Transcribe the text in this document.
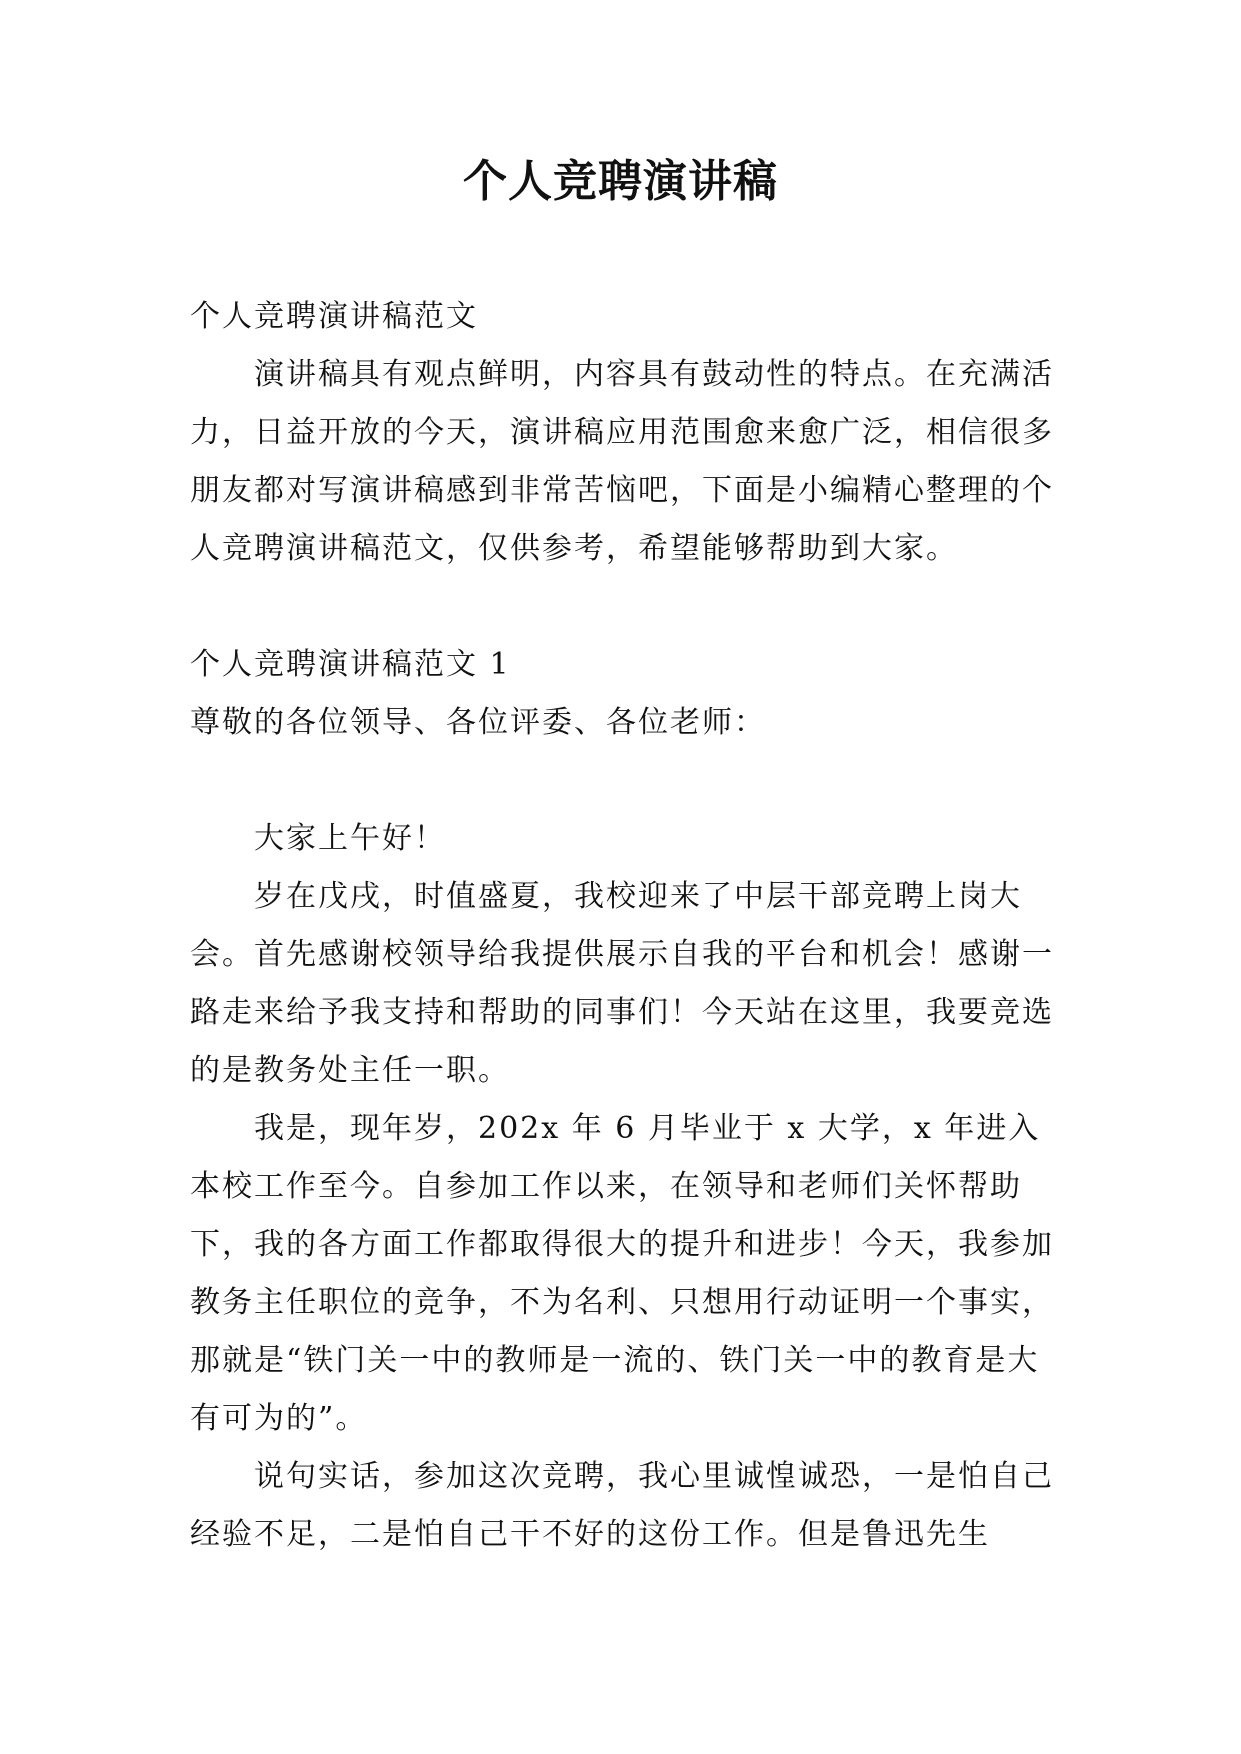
个人竞聘演讲稿

个人竞聘演讲稿范文

演讲稿具有观点鲜明，内容具有鼓动性的特点。在充满活力，日益开放的今天，演讲稿应用范围愈来愈广泛，相信很多朋友都对写演讲稿感到非常苦恼吧，下面是小编精心整理的个人竞聘演讲稿范文，仅供参考，希望能够帮助到大家。

个人竞聘演讲稿范文 1

尊敬的各位领导、各位评委、各位老师：

大家上午好！

岁在戊戌，时值盛夏，我校迎来了中层干部竞聘上岗大会。首先感谢校领导给我提供展示自我的平台和机会！感谢一路走来给予我支持和帮助的同事们！今天站在这里，我要竞选的是教务处主任一职。

我是，现年岁，202x 年 6 月毕业于 x 大学，x 年进入本校工作至今。自参加工作以来，在领导和老师们关怀帮助下，我的各方面工作都取得很大的提升和进步！今天，我参加教务主任职位的竞争，不为名利、只想用行动证明一个事实，那就是“铁门关一中的教师是一流的、铁门关一中的教育是大有可为的”。

说句实话，参加这次竞聘，我心里诚惶诚恐，一是怕自己经验不足，二是怕自己干不好的这份工作。但是鲁迅先生
